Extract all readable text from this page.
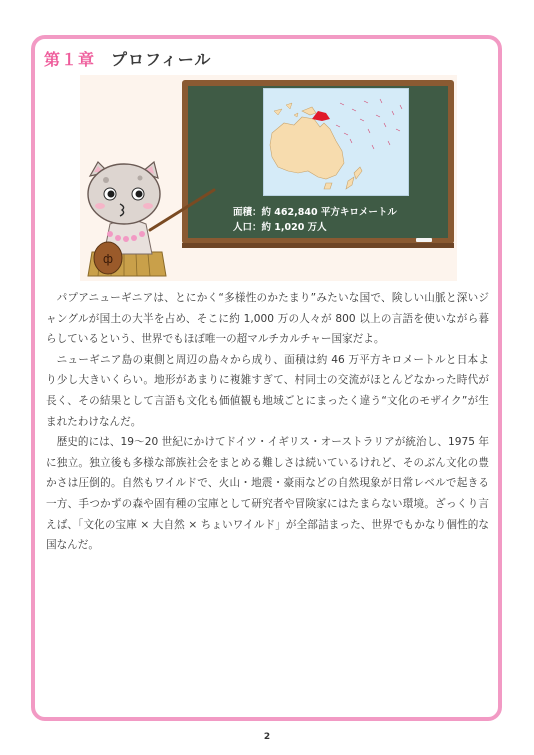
第１章 プロフィール
面積：約 462,840 平方キロメートル
人口：約 1,020 万人
ф

パプアニューギニアは、とにかく“多様性のかたまり”みたいな国で、険しい山脈と深いジャングルが国土の大半を占め、そこに約 1,000 万の人々が 800 以上の言語を使いながら暮らしているという、世界でもほぼ唯一の超マルチカルチャー国家だよ。

ニューギニア島の東側と周辺の島々から成り、面積は約 46 万平方キロメートルと日本より少し大きいくらい。地形があまりに複雑すぎて、村同士の交流がほとんどなかった時代が長く、その結果として言語も文化も価値観も地域ごとにまったく違う“文化のモザイク”が生まれたわけなんだ。

歴史的には、19〜20 世紀にかけてドイツ・イギリス・オーストラリアが統治し、1975 年に独立。独立後も多様な部族社会をまとめる難しさは続いているけれど、そのぶん文化の豊かさは圧倒的。自然もワイルドで、火山・地震・豪雨などの自然現象が日常レベルで起きる一方、手つかずの森や固有種の宝庫として研究者や冒険家にはたまらない環境。ざっくり言えば、「文化の宝庫 × 大自然 × ちょいワイルド」が全部詰まった、世界でもかなり個性的な国なんだ。

2
